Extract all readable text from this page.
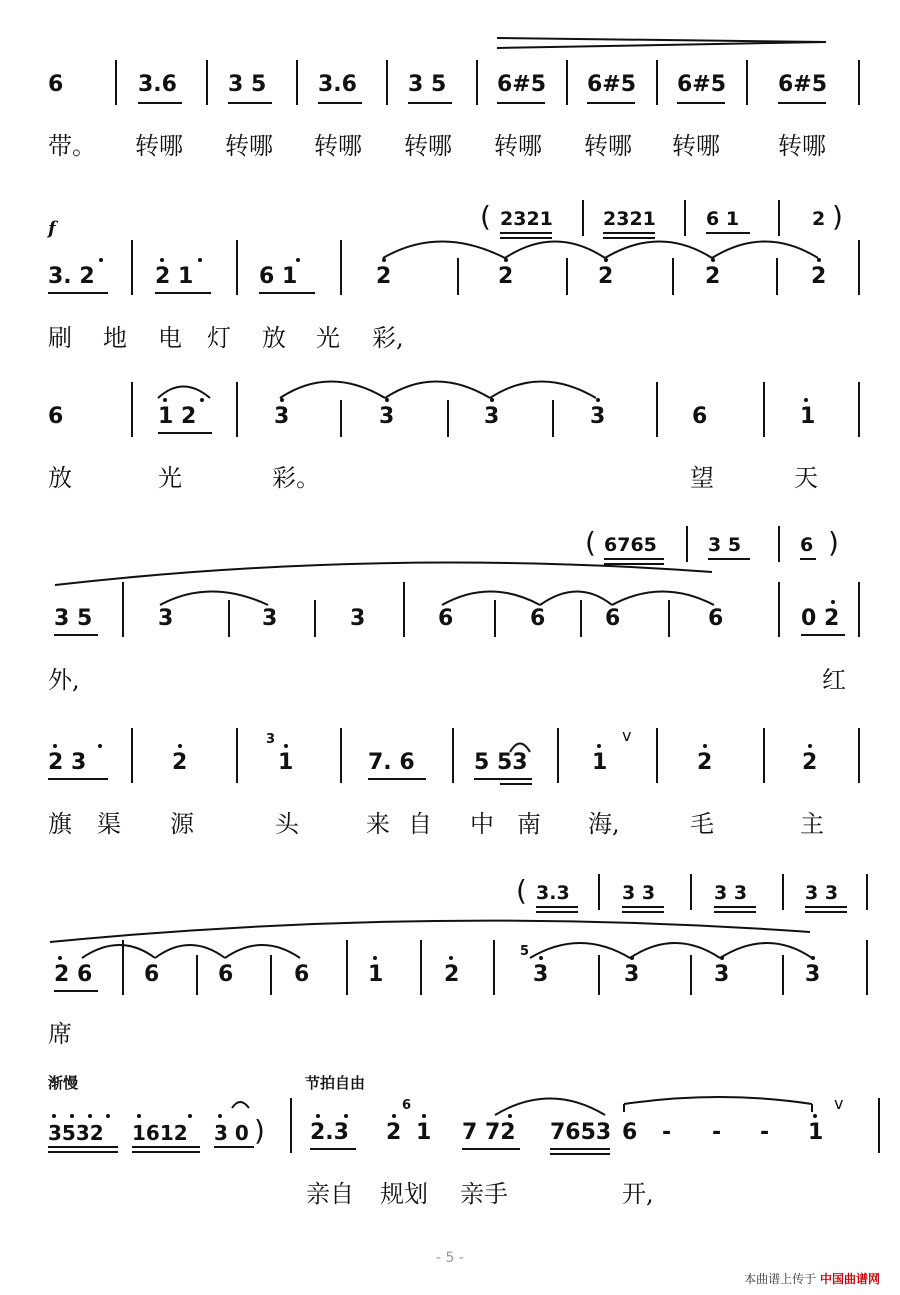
6	3.6 3 5 3.6 3 5 6#5 6#5 6#5 6#5
带。 转哪 转哪 转哪 转哪 转哪 转哪 转哪 转哪
f	( 2321	2321	6 1	2 )
3. 2	2 1	6 1	2	2	2	2	2
刷 地 电 灯 放 光 彩,
6	1 2	3	3	3	3	6	1
放	光	彩。	望	天
( 6765	3 5	6 )
3 5	3	3	3	6	6	6	6	0 2
外,	红
2 3	2
3
1	7. 6	5 53	1
v
2	2
旗 渠 源	头	来 自 中 南 海,	毛	主
( 3.3	3 3	3 3	3 3
2 6 6	6	6	1	2
5
3	3	3	3
席
渐慢	节拍自由
3532 1612 3 0 ) 2.3 2
6
1 7 72 7653 6 - - - 1
v
亲自 规划 亲手	开,
- 5 -
本曲谱上传于 中国曲谱网
